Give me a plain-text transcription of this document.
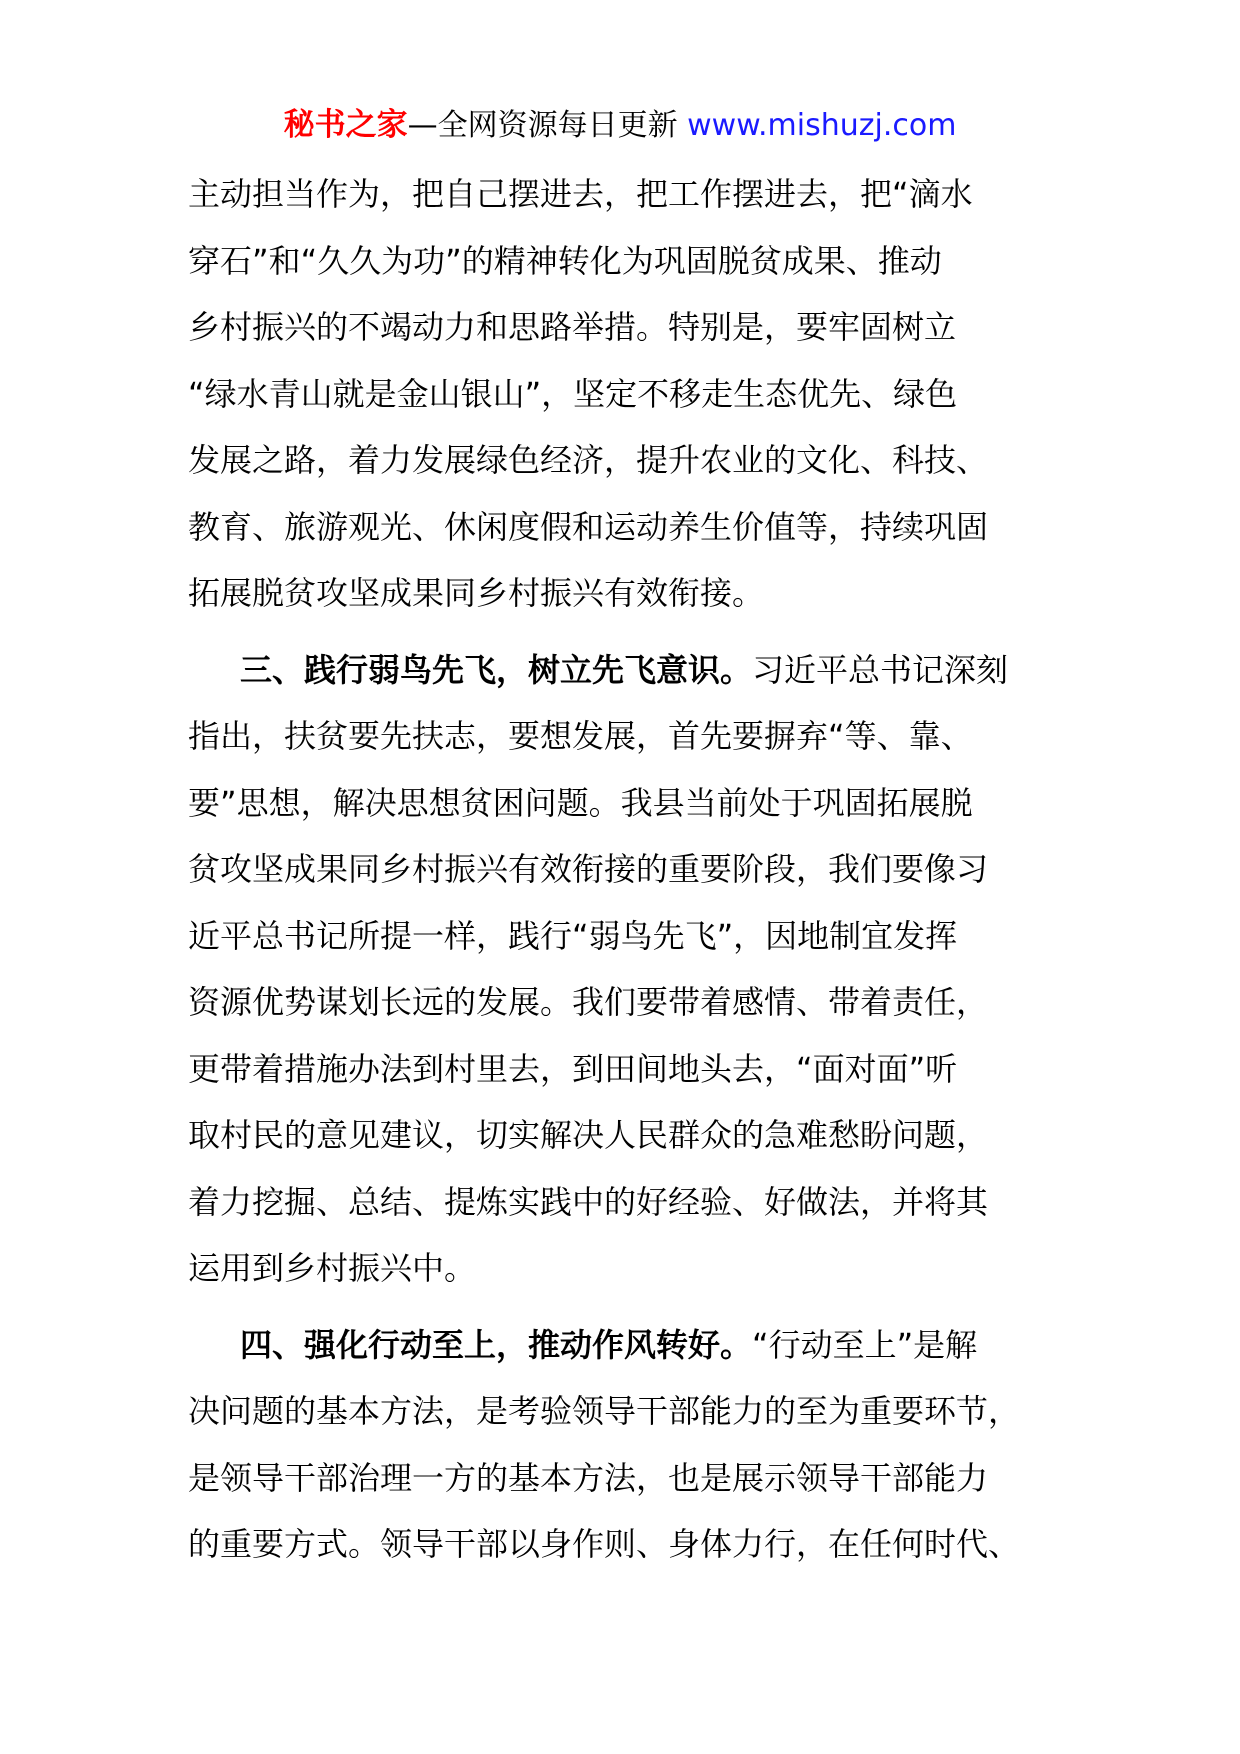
秘书之家—全网资源每日更新 www.mishuzj.com
主动担当作为，把自己摆进去，把工作摆进去，把“滴水
穿石”和“久久为功”的精神转化为巩固脱贫成果、推动
乡村振兴的不竭动力和思路举措。特别是，要牢固树立
“绿水青山就是金山银山”，坚定不移走生态优先、绿色
发展之路，着力发展绿色经济，提升农业的文化、科技、
教育、旅游观光、休闲度假和运动养生价值等，持续巩固
拓展脱贫攻坚成果同乡村振兴有效衔接。
三、践行弱鸟先飞，树立先飞意识。习近平总书记深刻
指出，扶贫要先扶志，要想发展，首先要摒弃“等、靠、
要”思想，解决思想贫困问题。我县当前处于巩固拓展脱
贫攻坚成果同乡村振兴有效衔接的重要阶段，我们要像习
近平总书记所提一样，践行“弱鸟先飞”，因地制宜发挥
资源优势谋划长远的发展。我们要带着感情、带着责任，
更带着措施办法到村里去，到田间地头去，“面对面”听
取村民的意见建议，切实解决人民群众的急难愁盼问题，
着力挖掘、总结、提炼实践中的好经验、好做法，并将其
运用到乡村振兴中。
四、强化行动至上，推动作风转好。“行动至上”是解
决问题的基本方法，是考验领导干部能力的至为重要环节，
是领导干部治理一方的基本方法，也是展示领导干部能力
的重要方式。领导干部以身作则、身体力行，在任何时代、
